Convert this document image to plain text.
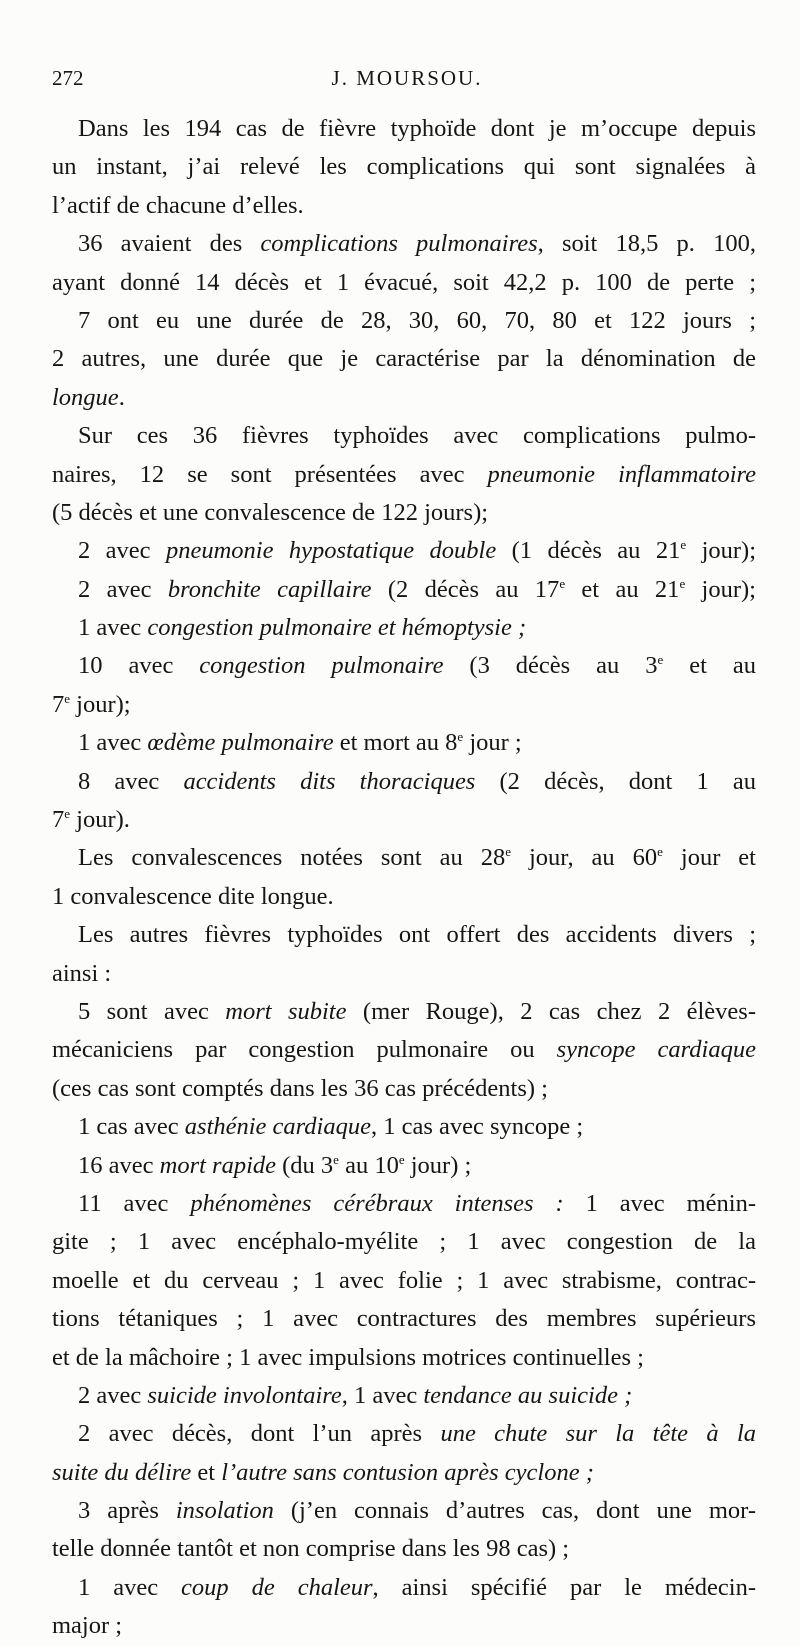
272	J. MOURSOU.
Dans les 194 cas de fièvre typhoïde dont je m’occupe depuis
un instant, j’ai relevé les complications qui sont signalées à
l’actif de chacune d’elles.
36 avaient des complications pulmonaires, soit 18,5 p. 100,
ayant donné 14 décès et 1 évacué, soit 42,2 p. 100 de perte ;
7 ont eu une durée de 28, 30, 60, 70, 80 et 122 jours ;
2 autres, une durée que je caractérise par la dénomination de
longue.
Sur ces 36 fièvres typhoïdes avec complications pulmo-
naires, 12 se sont présentées avec pneumonie inflammatoire
(5 décès et une convalescence de 122 jours);
2 avec pneumonie hypostatique double (1 décès au 21e jour);
2 avec bronchite capillaire (2 décès au 17e et au 21e jour);
1 avec congestion pulmonaire et hémoptysie ;
10 avec congestion pulmonaire (3 décès au 3e et au
7e jour);
1 avec œdème pulmonaire et mort au 8e jour ;
8 avec accidents dits thoraciques (2 décès, dont 1 au
7e jour).
Les convalescences notées sont au 28e jour, au 60e jour et
1 convalescence dite longue.
Les autres fièvres typhoïdes ont offert des accidents divers ;
ainsi :
5 sont avec mort subite (mer Rouge), 2 cas chez 2 élèves-
mécaniciens par congestion pulmonaire ou syncope cardiaque
(ces cas sont comptés dans les 36 cas précédents) ;
1 cas avec asthénie cardiaque, 1 cas avec syncope ;
16 avec mort rapide (du 3e au 10e jour) ;
11 avec phénomènes cérébraux intenses : 1 avec ménin-
gite ; 1 avec encéphalo-myélite ; 1 avec congestion de la
moelle et du cerveau ; 1 avec folie ; 1 avec strabisme, contrac-
tions tétaniques ; 1 avec contractures des membres supérieurs
et de la mâchoire ; 1 avec impulsions motrices continuelles ;
2 avec suicide involontaire, 1 avec tendance au suicide ;
2 avec décès, dont l’un après une chute sur la tête à la
suite du délire et l’autre sans contusion après cyclone ;
3 après insolation (j’en connais d’autres cas, dont une mor-
telle donnée tantôt et non comprise dans les 98 cas) ;
1 avec coup de chaleur, ainsi spécifié par le médecin-
major ;
